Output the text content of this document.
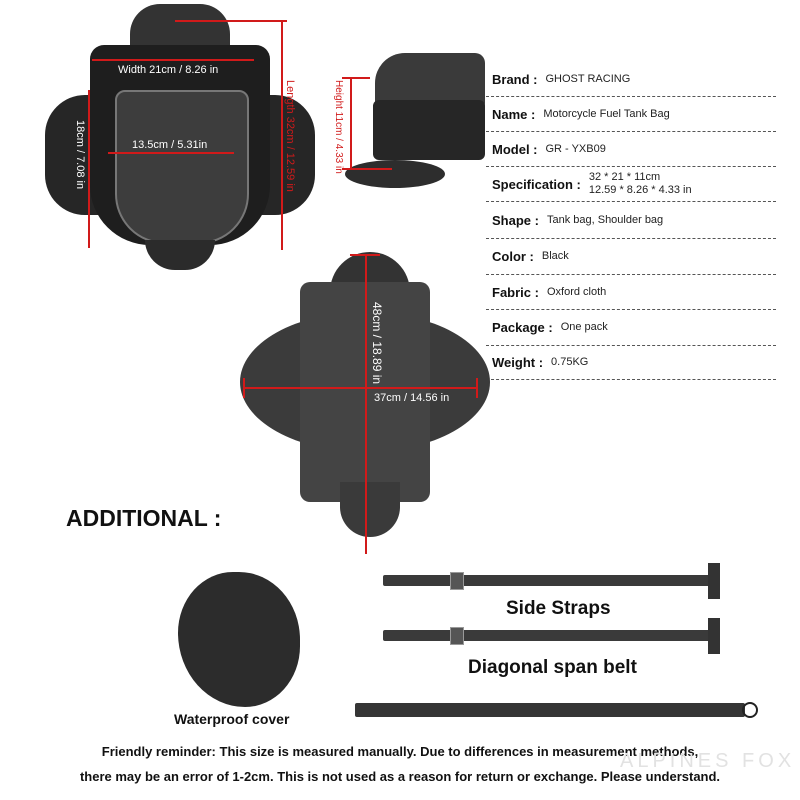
Width 21cm / 8.26 in
13.5cm / 5.31in
18cm / 7.08 in	Length 32cm / 12.59 in	Height 11cm / 4.33 in
Brand : GHOST RACING
Name : Motorcycle Fuel Tank Bag
Model : GR - YXB09
Specification : 32 * 21 * 11cm
12.59 * 8.26 * 4.33 in
Shape : Tank bag, Shoulder bag
Color : Black
Fabric : Oxford cloth
Package : One pack
Weight : 0.75KG
48cm / 18.89 in
37cm / 14.56 in
ADDITIONAL :
Waterproof cover
Side Straps
Diagonal span belt
Friendly reminder: This size is measured manually. Due to differences in measurement methods,
there may be an error of 1-2cm. This is not used as a reason for return or exchange. Please understand.
ALPINES FOX
